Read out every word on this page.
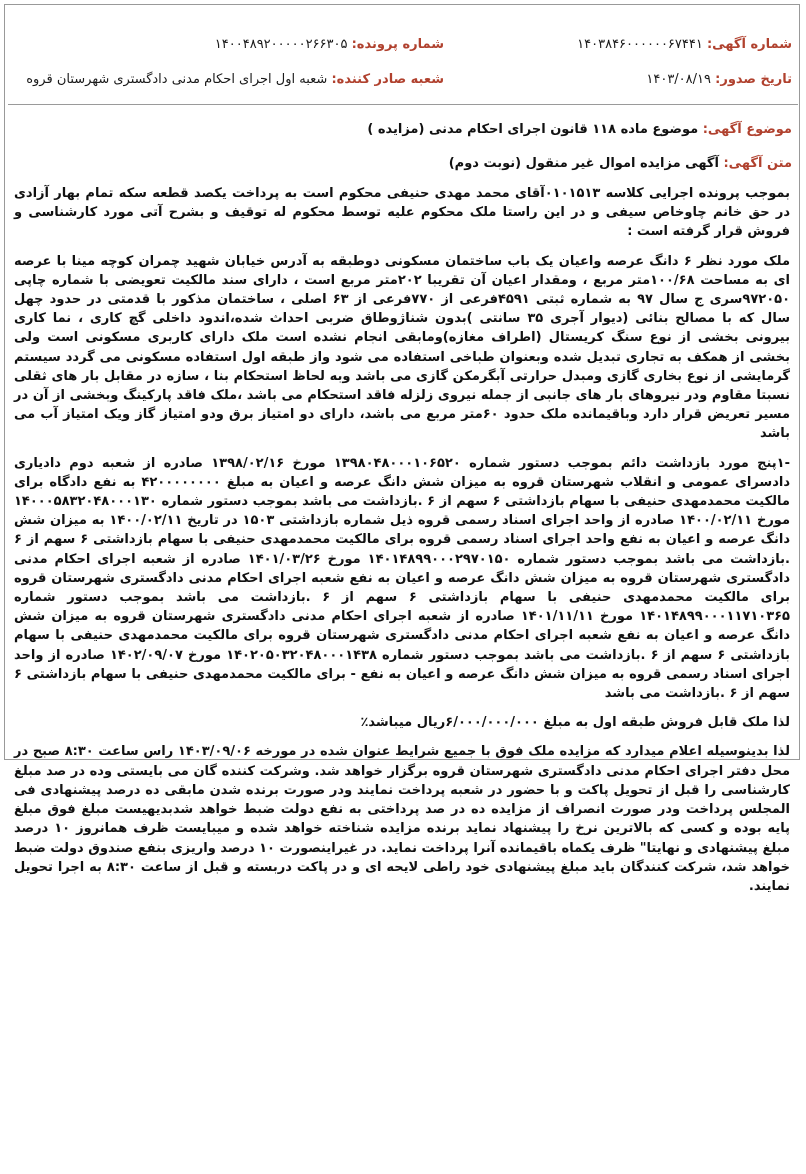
شماره آگهی: ۱۴۰۳۸۴۶۰۰۰۰۰۰۶۷۴۴۱
شماره پرونده: ۱۴۰۰۴۸۹۲۰۰۰۰۰۲۶۶۳۰۵
تاریخ صدور: ۱۴۰۳/۰۸/۱۹
شعبه صادر کننده: شعبه اول اجرای احکام مدنی دادگستری شهرستان قروه
موضوع آگهی: موضوع ماده ۱۱۸ قانون اجرای احکام مدنی (مزایده )
متن آگهی: آگهی مزایده اموال غیر منقول (نوبت دوم)

بموجب پرونده اجرایی کلاسه ۰۱۰۱۵۱۳آقای محمد مهدی حنیفی محکوم است به پرداخت یکصد قطعه سکه تمام بهار آزادی در حق خانم چاوخاص سیفی و در این راستا ملک محکوم علیه توسط محکوم له توقیف و بشرح آتی مورد کارشناسی و فروش قرار گرفته است :

ملک مورد نظر ۶ دانگ عرصه واعیان یک باب ساختمان مسکونی دوطبقه به آدرس خیابان شهید چمران کوچه مینا با عرصه ای به مساحت ۱۰۰/۶۸متر مربع ، ومقدار اعیان آن تقریبا ۲۰۲متر مربع است ، دارای سند مالکیت تعویضی با شماره چاپی ۹۷۲۰۵۰سری ج سال ۹۷ به شماره ثبتی ۴۵۹۱فرعی از ۷۷۰فرعی از ۶۳ اصلی ، ساختمان مذکور با قدمتی در حدود چهل سال که با مصالح بنائی (دیوار آجری ۳۵ سانتی )بدون شناژوطاق ضربی احداث شده،اندود داخلی گچ کاری ، نما کاری بیرونی بخشی از نوع سنگ کریستال (اطراف مغازه)ومابقی انجام نشده است ملک دارای کاربری مسکونی است ولی بخشی از همکف به تجاری تبدیل شده وبعنوان طباخی استفاده می شود واز طبقه اول استفاده مسکونی می گردد سیستم گرمایشی از نوع بخاری گازی ومبدل حرارتی آبگرمکن گازی می باشد وبه لحاظ استحکام بنا ، سازه در مقابل بار های ثقلی نسبتا مقاوم ودر نیروهای بار های جانبی از جمله نیروی زلزله فاقد استحکام می باشد ،ملک فاقد پارکینگ وبخشی از آن در مسیر تعریض قرار دارد وباقیمانده ملک حدود ۶۰متر مربع می باشد، دارای دو امتیاز برق ودو امتیاز گاز ویک امتیاز آب می باشد

-۱پنج مورد بازداشت دائم بموجب دستور شماره ۱۳۹۸۰۴۸۰۰۰۱۰۶۵۲۰ مورخ ۱۳۹۸/۰۲/۱۶ صادره از شعبه دوم دادیاری دادسرای عمومی و انقلاب شهرستان قروه به میزان شش دانگ عرصه و اعیان به مبلغ ۴۲۰۰۰۰۰۰۰۰ به نفع دادگاه برای مالکیت محمدمهدی حنیفی با سهام بازداشتی ۶ سهم از ۶ .بازداشت می باشد بموجب دستور شماره ۱۴۰۰۰۵۸۳۲۰۴۸۰۰۰۱۳۰ مورخ ۱۴۰۰/۰۲/۱۱ صادره از واحد اجرای اسناد رسمی قروه ذیل شماره بازداشتی ۱۵۰۳ در تاریخ ۱۴۰۰/۰۲/۱۱ به میزان شش دانگ عرصه و اعیان به نفع واحد اجرای اسناد رسمی قروه برای مالکیت محمدمهدی حنیفی با سهام بازداشتی ۶ سهم از ۶ .بازداشت می باشد بموجب دستور شماره ۱۴۰۱۴۸۹۹۰۰۰۲۹۷۰۱۵۰ مورخ ۱۴۰۱/۰۳/۲۶ صادره از شعبه اجرای احکام مدنی دادگستری شهرستان قروه به میزان شش دانگ عرصه و اعیان به نفع شعبه اجرای احکام مدنی دادگستری شهرستان قروه برای مالکیت محمدمهدی حنیفی با سهام بازداشتی ۶ سهم از ۶ .بازداشت می باشد بموجب دستور شماره ۱۴۰۱۴۸۹۹۰۰۰۱۱۷۱۰۳۶۵ مورخ ۱۴۰۱/۱۱/۱۱ صادره از شعبه اجرای احکام مدنی دادگستری شهرستان قروه به میزان شش دانگ عرصه و اعیان به نفع شعبه اجرای احکام مدنی دادگستری شهرستان قروه برای مالکیت محمدمهدی حنیفی با سهام بازداشتی ۶ سهم از ۶ .بازداشت می باشد بموجب دستور شماره ۱۴۰۲۰۵۰۳۲۰۴۸۰۰۰۱۴۳۸ مورخ ۱۴۰۲/۰۹/۰۷ صادره از واحد اجرای اسناد رسمی قروه به میزان شش دانگ عرصه و اعیان به نفع - برای مالکیت محمدمهدی حنیفی با سهام بازداشتی ۶ سهم از ۶ .بازداشت می باشد

لذا ملک قابل فروش طبقه اول به مبلغ ۶/۰۰۰/۰۰۰/۰۰۰ریال میباشد٪

لذا بدینوسیله اعلام میدارد که مزایده ملک فوق با جمیع شرایط عنوان شده در مورخه ۱۴۰۳/۰۹/۰۶ راس ساعت ۸:۳۰ صبح در محل دفتر اجرای احکام مدنی دادگستری شهرستان قروه برگزار خواهد شد. وشرکت کننده گان می بایستی وده در صد مبلغ کارشناسی را قبل از تحویل پاکت و با حضور در شعبه پرداخت نمایند ودر صورت برنده شدن مابقی ده درصد پیشنهادی فی المجلس پرداخت ودر صورت انصراف از مزایده ده در صد پرداختی به نفع دولت ضبط خواهد شدبدیهیست مبلغ فوق مبلغ پایه بوده و کسی که بالاترین نرخ را پیشنهاد نماید برنده مزایده شناخته خواهد شده و میبایست ظرف همانروز ۱۰ درصد مبلغ پیشنهادی و نهایتا" ظرف یکماه باقیمانده آنرا پرداخت نماید. در غیراینصورت ۱۰ درصد واریزی بنفع صندوق دولت ضبط خواهد شد، شرکت کنندگان باید مبلغ پیشنهادی خود راطی لایحه ای و در پاکت دربسته و قبل از ساعت ۸:۳۰ به اجرا تحویل نمایند.
